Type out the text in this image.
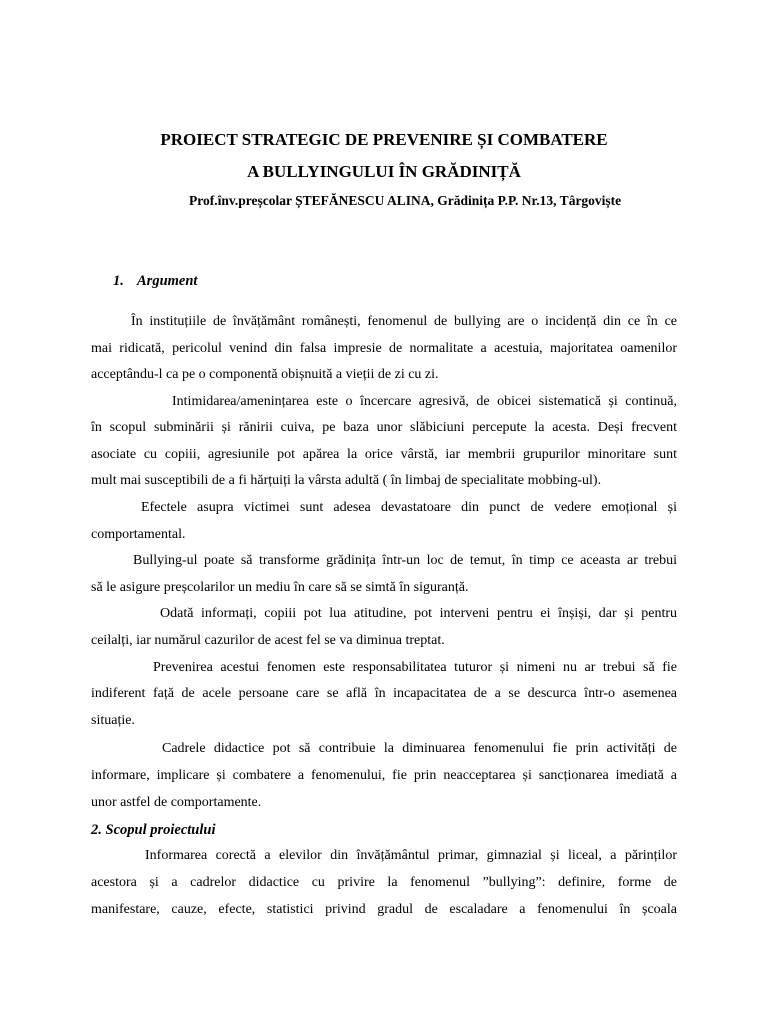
PROIECT STRATEGIC DE PREVENIRE ȘI COMBATERE
A BULLYINGULUI ÎN GRĂDINIȚĂ
Prof.înv.preșcolar ȘTEFĂNESCU ALINA, Grădinița P.P. Nr.13, Târgoviște
1. Argument
În instituțiile de învățământ românești, fenomenul de bullying are o incidență din ce în ce
mai ridicată, pericolul venind din falsa impresie de normalitate a acestuia, majoritatea oamenilor
acceptându-l ca pe o componentă obișnuită a vieții de zi cu zi.
Intimidarea/amenințarea este o încercare agresivă, de obicei sistematică și continuă,
în scopul subminării și rănirii cuiva, pe baza unor slăbiciuni percepute la acesta. Deși frecvent
asociate cu copiii, agresiunile pot apărea la orice vârstă, iar membrii grupurilor minoritare sunt
mult mai susceptibili de a fi hărțuiți la vârsta adultă ( în limbaj de specialitate mobbing-ul).
Efectele asupra victimei sunt adesea devastatoare din punct de vedere emoțional și
comportamental.
Bullying-ul poate să transforme grădinița într-un loc de temut, în timp ce aceasta ar trebui
să le asigure preșcolarilor un mediu în care să se simtă în siguranță.
Odată informați, copiii pot lua atitudine, pot interveni pentru ei înșiși, dar și pentru
ceilalți, iar numărul cazurilor de acest fel se va diminua treptat.
Prevenirea acestui fenomen este responsabilitatea tuturor și nimeni nu ar trebui să fie
indiferent față de acele persoane care se află în incapacitatea de a se descurca într-o asemenea
situație.
Cadrele didactice pot să contribuie la diminuarea fenomenului fie prin activități de
informare, implicare și combatere a fenomenului, fie prin neacceptarea și sancționarea imediată a
unor astfel de comportamente.
2. Scopul proiectului
Informarea corectă a elevilor din învățământul primar, gimnazial și liceal, a părinților
acestora și a cadrelor didactice cu privire la fenomenul ”bullying”: definire, forme de
manifestare, cauze, efecte, statistici privind gradul de escaladare a fenomenului în școala
